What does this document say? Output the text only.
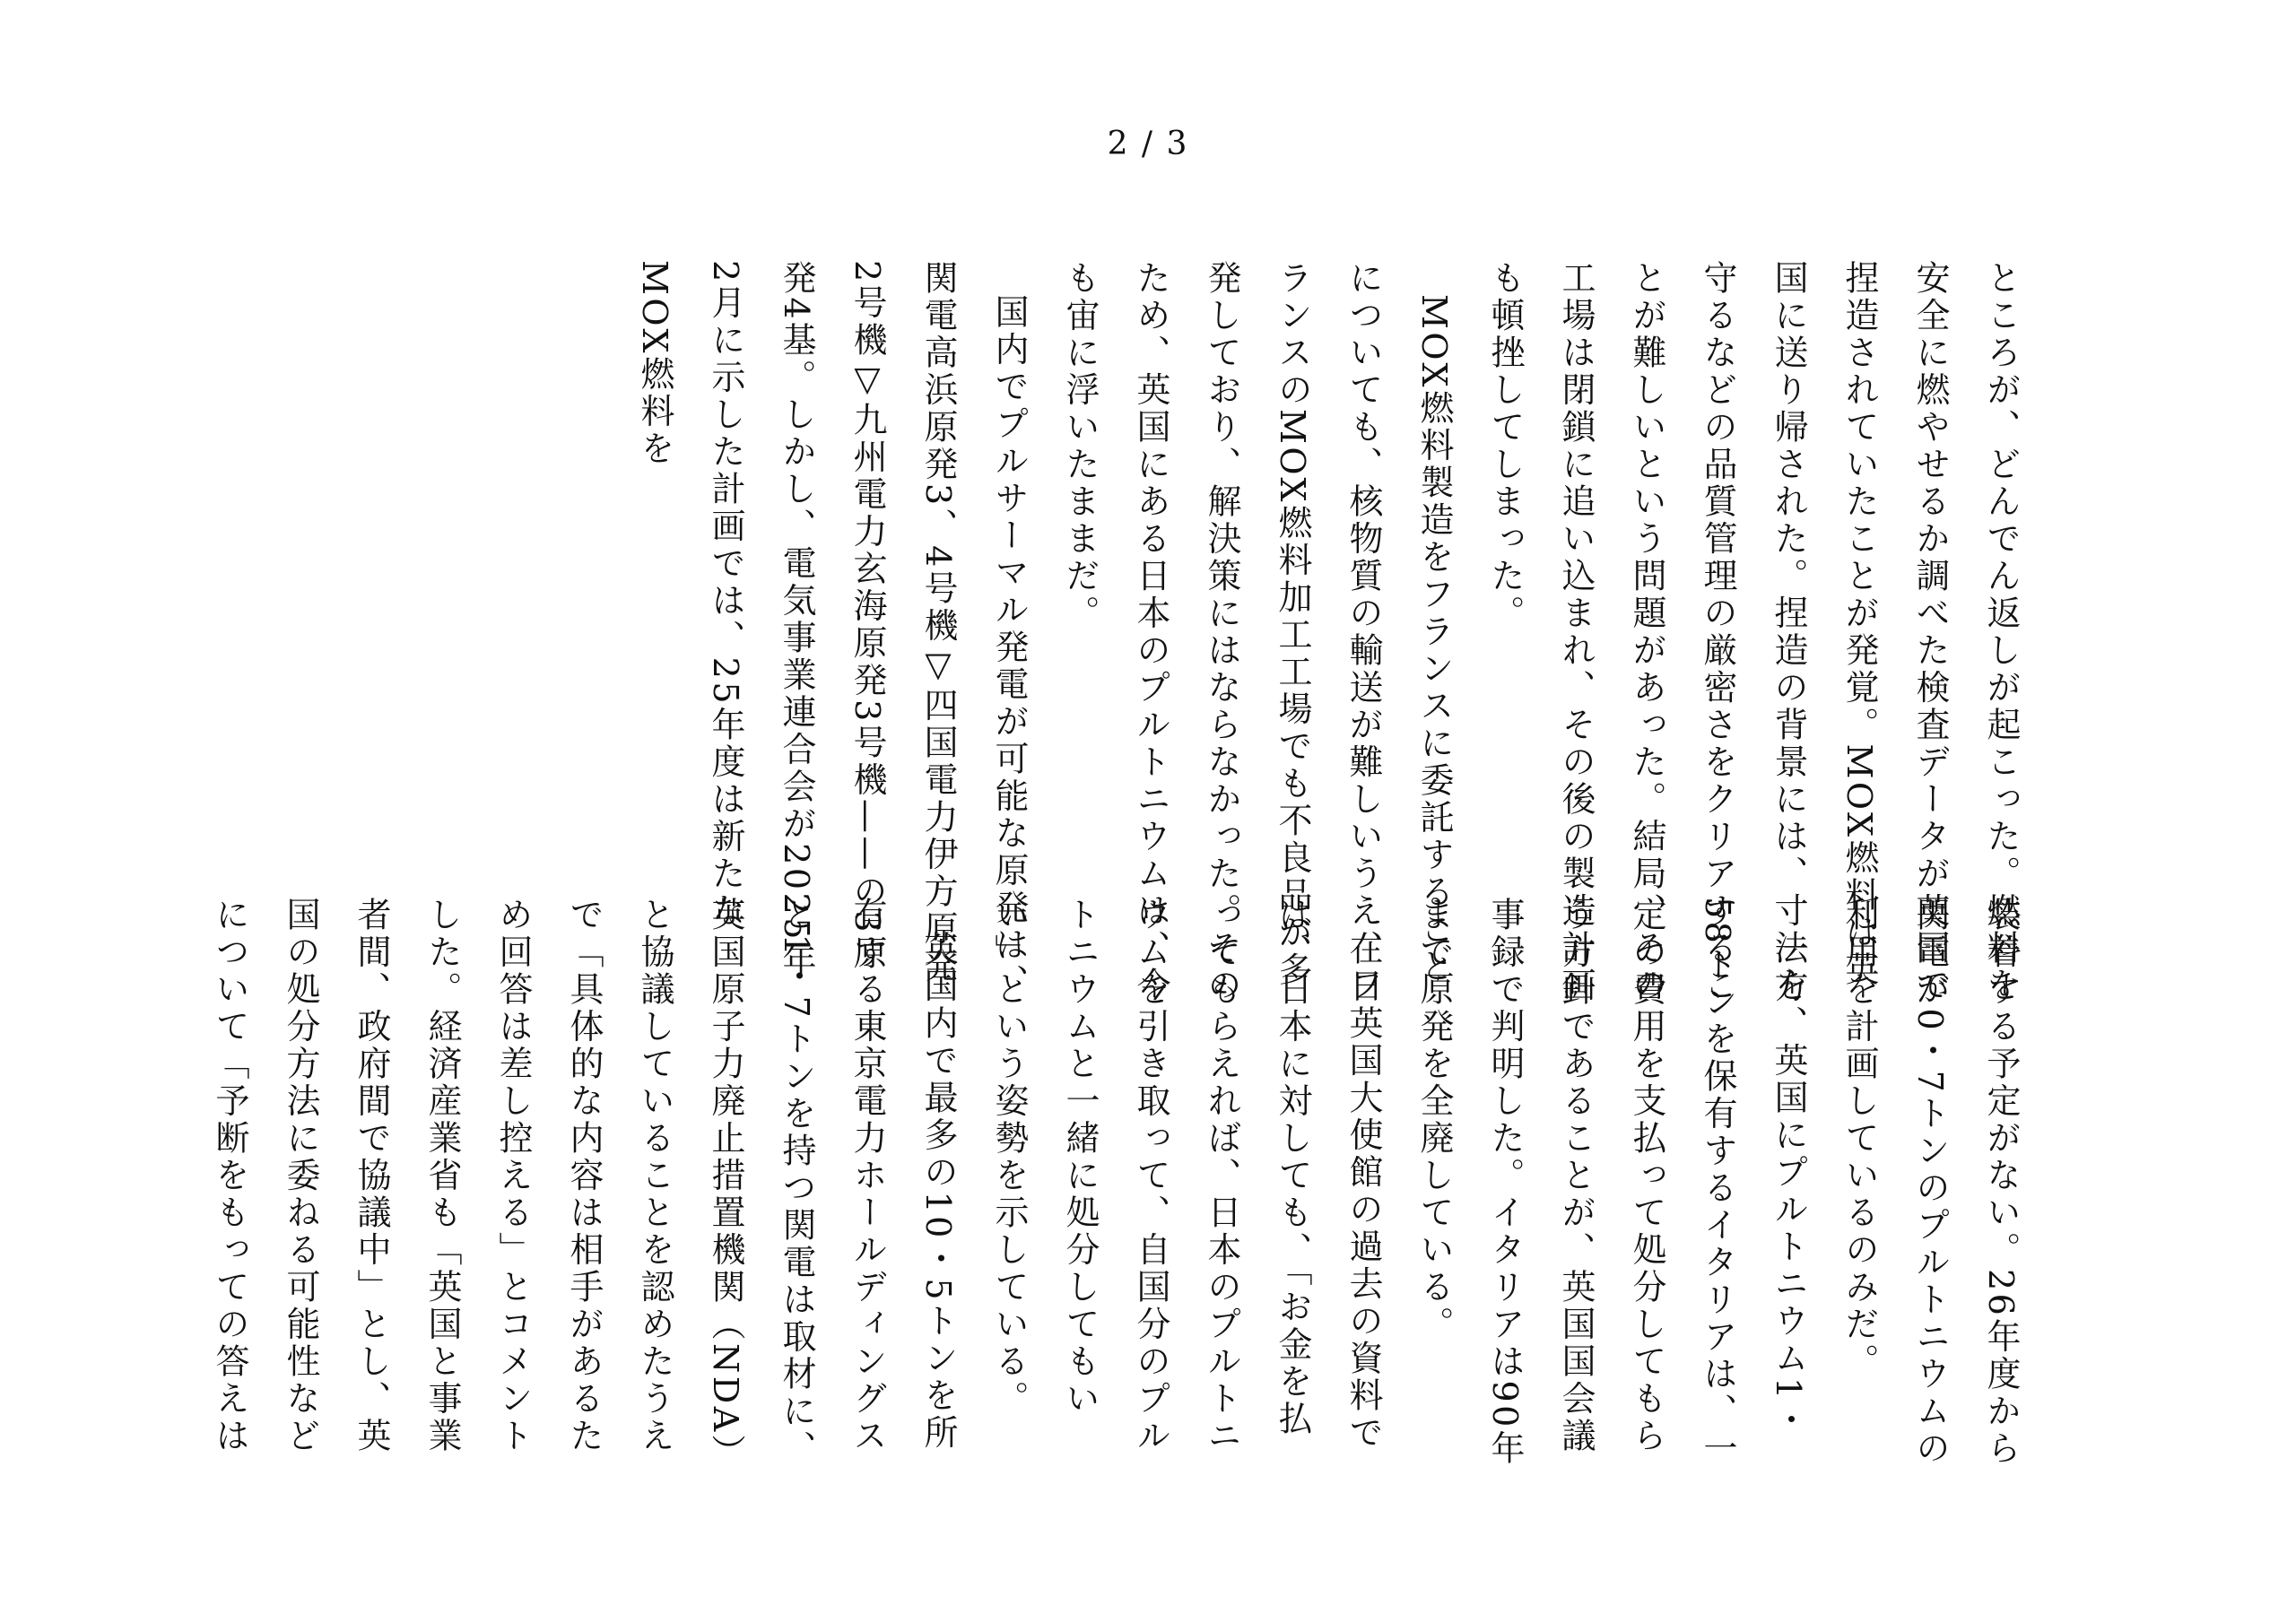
2 / 3

ところが、どんでん返しが起こった。燃料を安全に燃やせるか調べた検査データが英国で捏造されていたことが発覚。MOX燃料は英国に送り帰された。捏造の背景には、寸法を守るなどの品質管理の厳密さをクリアすることが難しいという問題があった。結局、その工場は閉鎖に追い込まれ、その後の製造計画も頓挫してしまった。

MOX燃料製造をフランスに委託することについても、核物質の輸送が難しいうえ、フランスのMOX燃料加工工場でも不良品が多発しており、解決策にはならなかった。そのため、英国にある日本のプルトニウムは、今も宙に浮いたままだ。

国内でプルサーマル発電が可能な原発は、関電高浜原発3、4号機▽四国電力伊方原発2号機▽九州電力玄海原発3号機——の3原発4基。しかし、電気事業連合会が2025年2月に示した計画では、25年度は新たなMOX燃料を

装着する予定がない。26年度から関電が0・7トンのプルトニウムの利用を計画しているのみだ。

一方、英国にプルトニウム1・58トンを保有するイタリアは、一定の費用を支払って処分してもらう方針であることが、英国国会議事録で判明した。イタリアは90年まで原発を全廃している。

在日英国大使館の過去の資料では、日本に対しても、「お金を払ってもらえれば、日本のプルトニウムを引き取って、自国分のプルトニウムと一緒に処分してもいい」という姿勢を示している。

英国内で最多の10・5トンを所有する東京電力ホールディングスと1・7トンを持つ関電は取材に、英国原子力廃止措置機関（NDA）と協議していることを認めたうえで「具体的な内容は相手があるため回答は差し控える」とコメントした。経済産業省も「英国と事業者間、政府間で協議中」とし、英国の処分方法に委ねる可能性などについて「予断をもっての答えは
